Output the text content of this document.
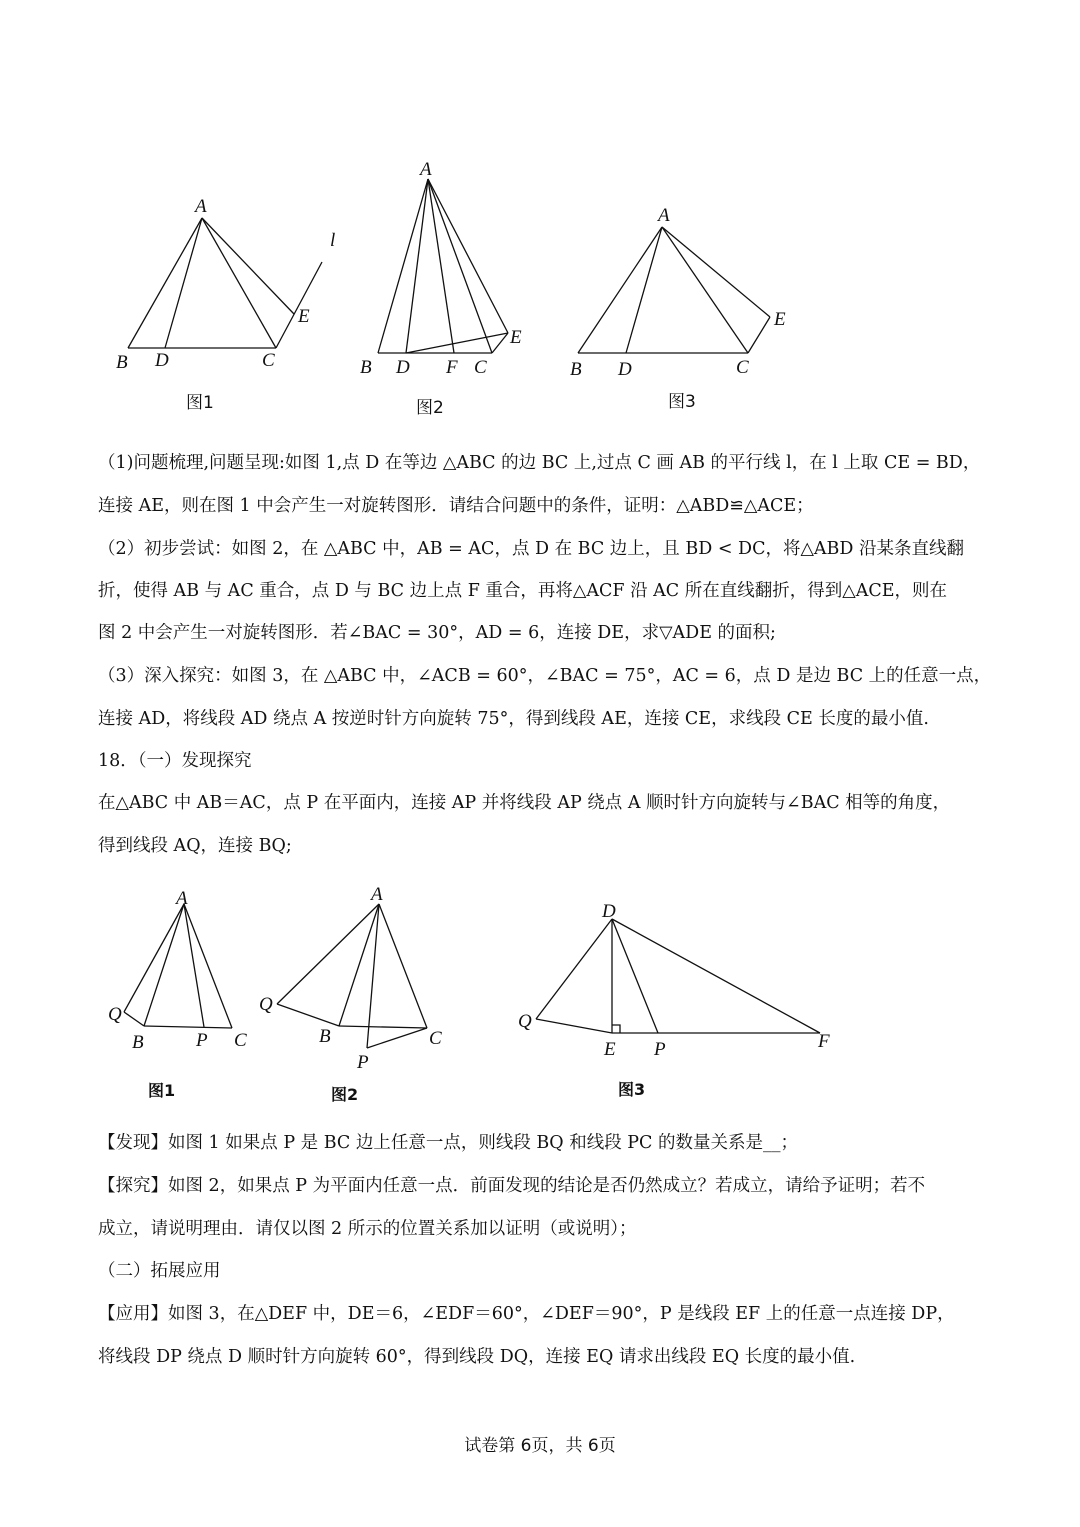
A
l
E
B D	C
图1
A
E
B D F C
图2
A
E
B D	C
图3
（1)问题梳理,问题呈现:如图 1,点 D 在等边 △ABC 的边 BC 上,过点 C 画 AB 的平行线 l，在 l 上取 CE = BD，
连接 AE，则在图 1 中会产生一对旋转图形．请结合问题中的条件，证明：△ABD≌△ACE；
（2）初步尝试：如图 2，在 △ABC 中，AB = AC，点 D 在 BC 边上，且 BD < DC，将△ABD 沿某条直线翻
折，使得 AB 与 AC 重合，点 D 与 BC 边上点 F 重合，再将△ACF 沿 AC 所在直线翻折，得到△ACE，则在
图 2 中会产生一对旋转图形．若∠BAC = 30°，AD = 6，连接 DE，求▽ADE 的面积;
（3）深入探究：如图 3，在 △ABC 中，∠ACB = 60°，∠BAC = 75°，AC = 6，点 D 是边 BC 上的任意一点，
连接 AD，将线段 AD 绕点 A 按逆时针方向旋转 75°，得到线段 AE，连接 CE，求线段 CE 长度的最小值.
18．（一）发现探究
在△ABC 中 AB＝AC，点 P 在平面内，连接 AP 并将线段 AP 绕点 A 顺时针方向旋转与∠BAC 相等的角度，
得到线段 AQ，连接 BQ;
A
Q
B	P C
图1
A
Q
B	C
P
图2
D
Q
E P	F
图3
【发现】如图 1 如果点 P 是 BC 边上任意一点，则线段 BQ 和线段 PC 的数量关系是__；
【探究】如图 2，如果点 P 为平面内任意一点．前面发现的结论是否仍然成立？若成立，请给予证明；若不
成立，请说明理由．请仅以图 2 所示的位置关系加以证明（或说明）；
（二）拓展应用
【应用】如图 3，在△DEF 中，DE＝6，∠EDF＝60°，∠DEF＝90°，P 是线段 EF 上的任意一点连接 DP，
将线段 DP 绕点 D 顺时针方向旋转 60°，得到线段 DQ，连接 EQ 请求出线段 EQ 长度的最小值.
试卷第 6页，共 6页
